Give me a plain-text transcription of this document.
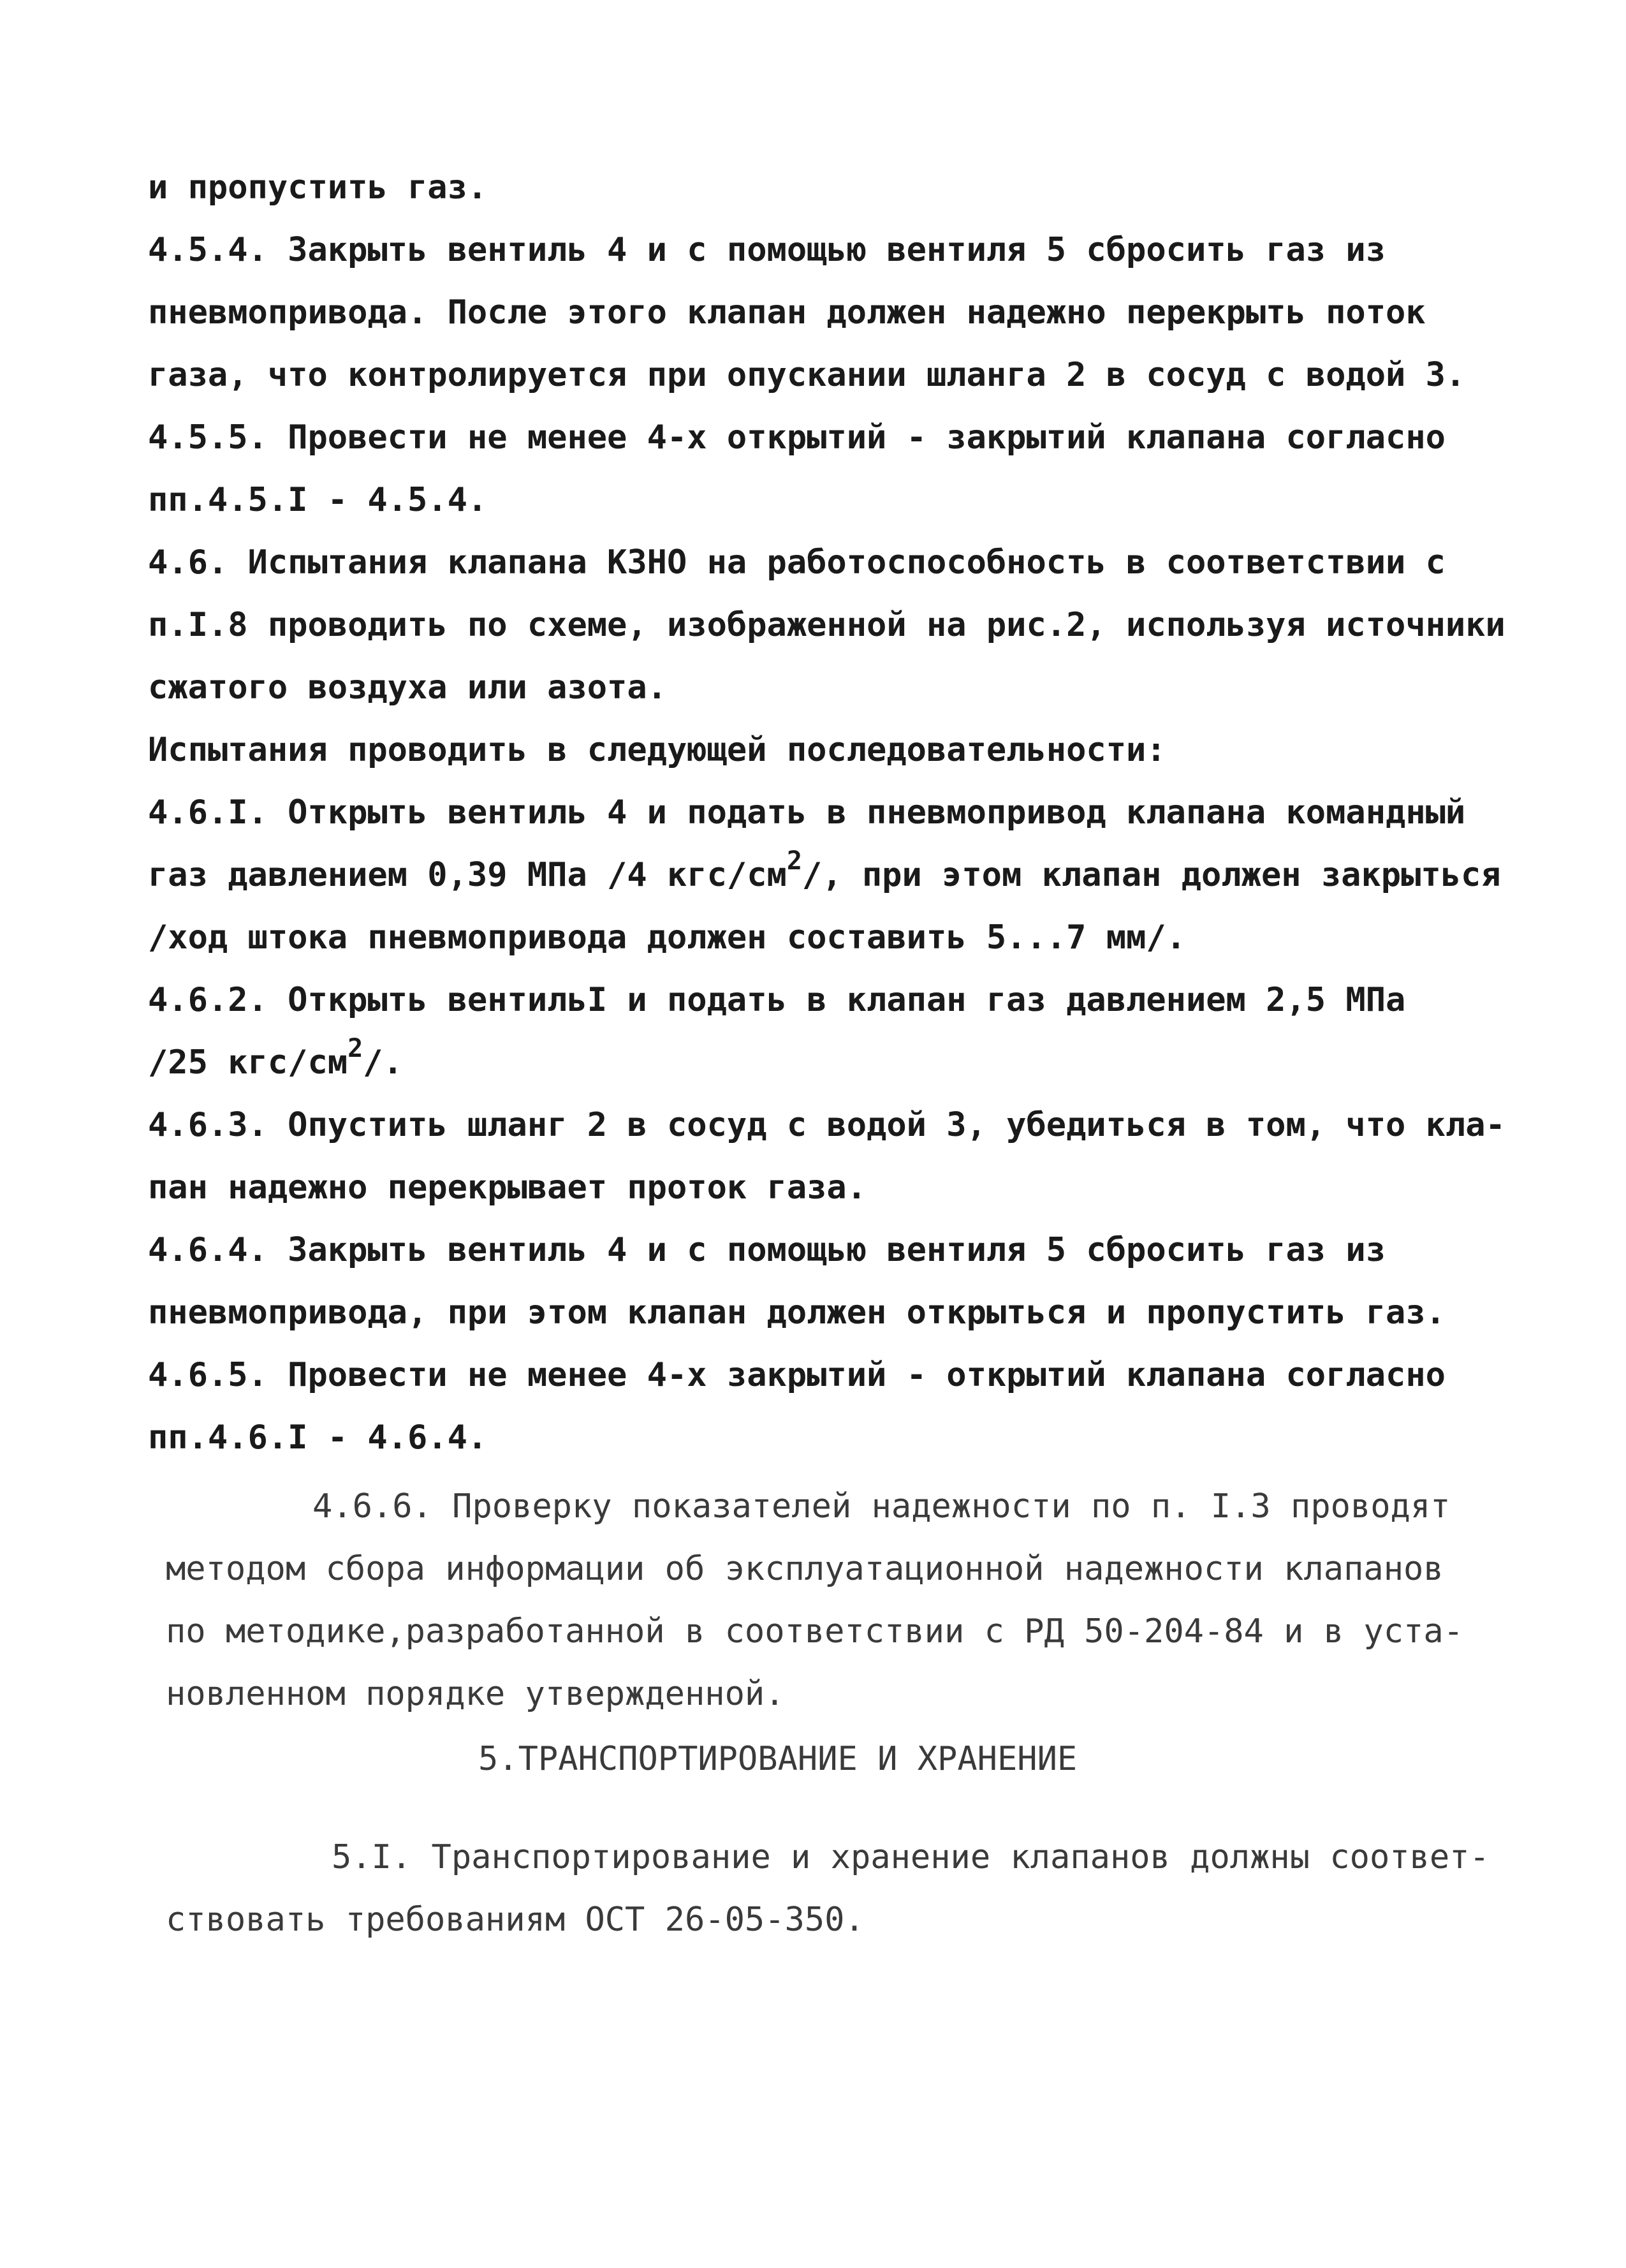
и пропустить газ.
4.5.4. Закрыть вентиль 4 и с помощью вентиля 5 сбросить газ из
пневмопривода. После этого клапан должен надежно перекрыть поток
газа, что контролируется при опускании шланга 2 в сосуд с водой 3.
4.5.5. Провести не менее 4-х открытий - закрытий клапана согласно
пп.4.5.I - 4.5.4.
4.6. Испытания клапана КЗНО на работоспособность в соответствии с
п.I.8 проводить по схеме, изображенной на рис.2, используя источники
сжатого воздуха или азота.
Испытания проводить в следующей последовательности:
4.6.I. Открыть вентиль 4 и подать в пневмопривод клапана командный
газ давлением 0,39 МПа /4 кгс/$см^2/$, при этом клапан должен закрыться
/ход штока пневмопривода должен составить 5...7 мм/.
4.6.2. Открыть вентильI и подать в клапан газ давлением 2,5 МПа
/25 кгс/$см^2/$.
4.6.3. Опустить шланг 2 в сосуд с водой 3, убедиться в том, что кла-
пан надежно перекрывает проток газа.
4.6.4. Закрыть вентиль 4 и с помощью вентиля 5 сбросить газ из
пневмопривода, при этом клапан должен открыться и пропустить газ.
4.6.5. Провести не менее 4-х закрытий - открытий клапана согласно
пп.4.6.I - 4.6.4.
4.6.6. Проверку показателей надежности по п. I.3 проводят
методом сбора информации об эксплуатационной надежности клапанов
по методике,разработанной в соответствии с РД 50-204-84 и в уста-
новленном порядке утвержденной.
5.ТРАНСПОРТИРОВАНИЕ И ХРАНЕНИЕ
5.I. Транспортирование и хранение клапанов должны соответ-
ствовать требованиям ОСТ 26-05-350.
